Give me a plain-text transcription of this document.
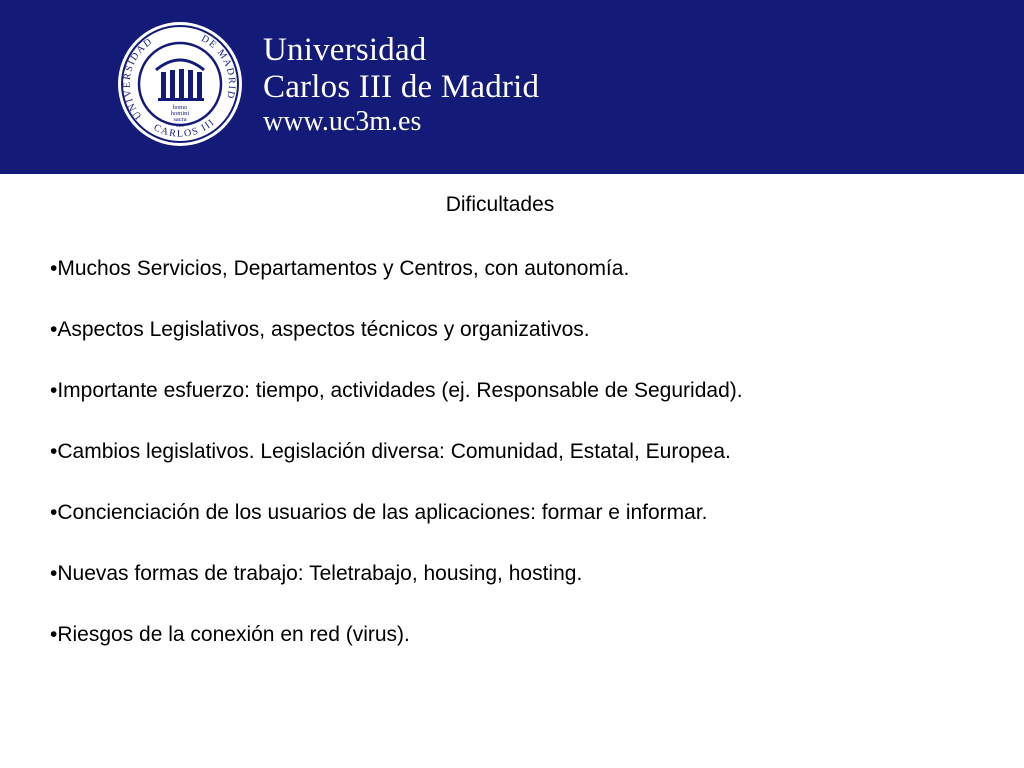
UNIVERSIDAD	DE MADRID
CARLOS III
homo
homini
sacra
res
Universidad
Carlos III de Madrid
www.uc3m.es
Dificultades
•Muchos Servicios, Departamentos y Centros, con autonomía.
•Aspectos Legislativos, aspectos técnicos y organizativos.
•Importante esfuerzo: tiempo, actividades (ej. Responsable de Seguridad).
•Cambios legislativos. Legislación diversa: Comunidad, Estatal, Europea.
•Concienciación de los usuarios de las aplicaciones: formar e informar.
•Nuevas formas de trabajo: Teletrabajo, housing, hosting.
•Riesgos de la conexión en red (virus).
